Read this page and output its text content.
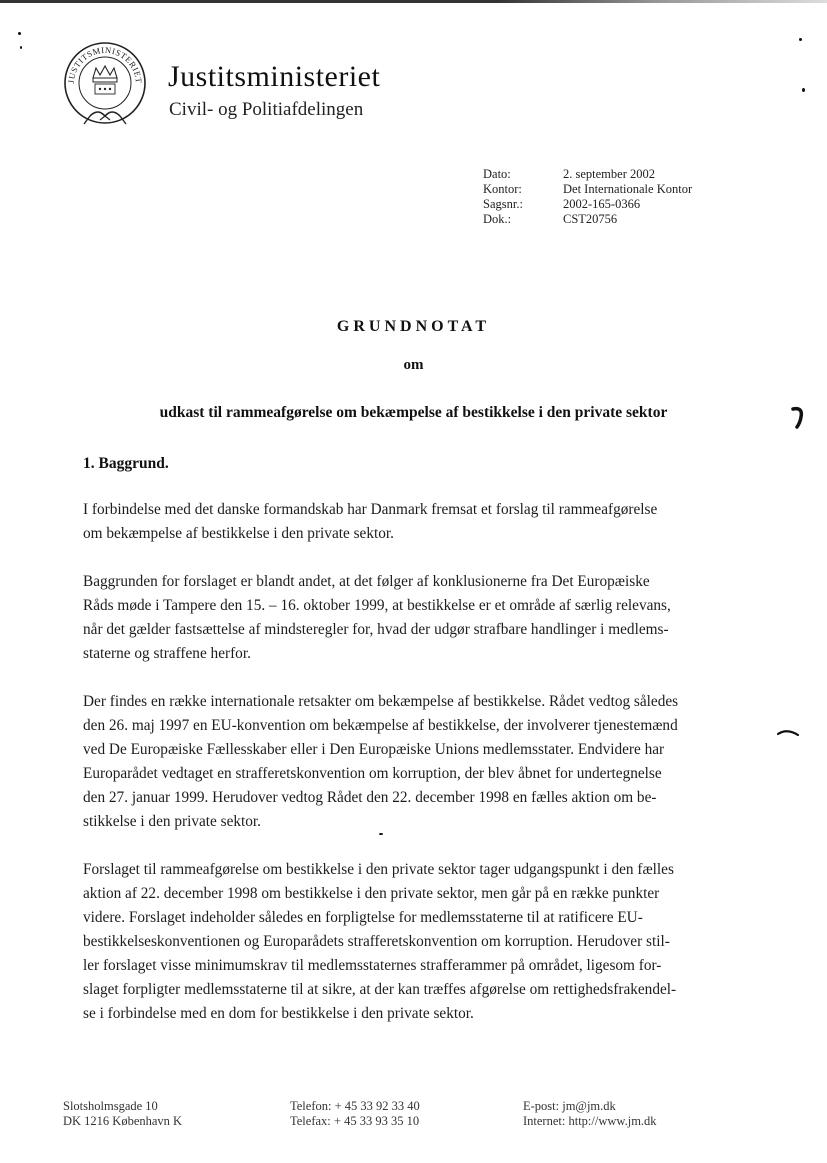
JUSTITSMINISTERIET Justitsministeriet
Civil- og Politiafdelingen
Dato:	2. september 2002
Kontor:	Det Internationale Kontor
Sagsnr.:	2002-165-0366
Dok.:	CST20756
GRUNDNOTAT
om
udkast til rammeafgørelse om bekæmpelse af bestikkelse i den private sektor
1. Baggrund.
I forbindelse med det danske formandskab har Danmark fremsat et forslag til rammeafgørelse
om bekæmpelse af bestikkelse i den private sektor.
Baggrunden for forslaget er blandt andet, at det følger af konklusionerne fra Det Europæiske
Råds møde i Tampere den 15. – 16. oktober 1999, at bestikkelse er et område af særlig relevans,
når det gælder fastsættelse af mindsteregler for, hvad der udgør strafbare handlinger i medlems-
staterne og straffene herfor.
Der findes en række internationale retsakter om bekæmpelse af bestikkelse. Rådet vedtog således
den 26. maj 1997 en EU-konvention om bekæmpelse af bestikkelse, der involverer tjenestemænd
ved De Europæiske Fællesskaber eller i Den Europæiske Unions medlemsstater. Endvidere har
Europarådet vedtaget en strafferetskonvention om korruption, der blev åbnet for undertegnelse
den 27. januar 1999. Herudover vedtog Rådet den 22. december 1998 en fælles aktion om be-
stikkelse i den private sektor.
Forslaget til rammeafgørelse om bestikkelse i den private sektor tager udgangspunkt i den fælles
aktion af 22. december 1998 om bestikkelse i den private sektor, men går på en række punkter
videre. Forslaget indeholder således en forpligtelse for medlemsstaterne til at ratificere EU-
bestikkelseskonventionen og Europarådets strafferetskonvention om korruption. Herudover stil-
ler forslaget visse minimumskrav til medlemsstaternes strafferammer på området, ligesom for-
slaget forpligter medlemsstaterne til at sikre, at der kan træffes afgørelse om rettighedsfrakendel-
se i forbindelse med en dom for bestikkelse i den private sektor.
Slotsholmsgade 10
DK 1216 København K
Telefon: + 45 33 92 33 40
Telefax: + 45 33 93 35 10
E-post: jm@jm.dk
Internet: http://www.jm.dk
